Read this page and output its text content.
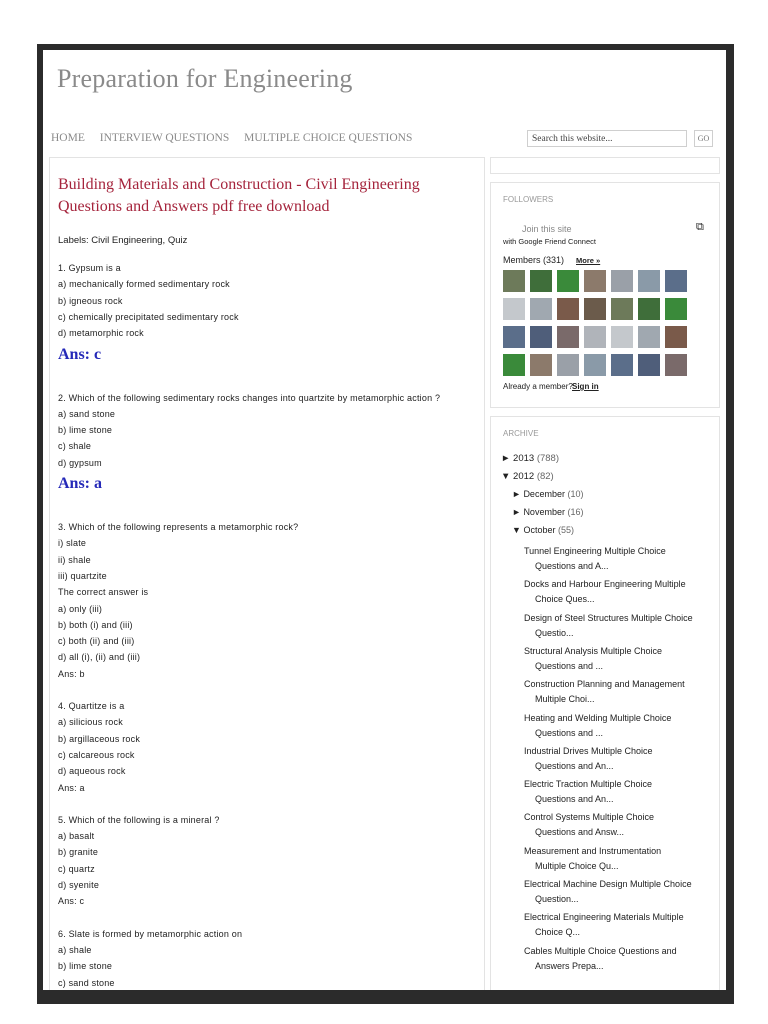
Preparation for Engineering
HOME INTERVIEW QUESTIONS MULTIPLE CHOICE QUESTIONS	Search this website...	GO
Building Materials and Construction - Civil Engineering
Questions and Answers pdf free download
Labels: Civil Engineering, Quiz
1. Gypsum is a
a) mechanically formed sedimentary rock
b) igneous rock
c) chemically precipitated sedimentary rock
d) metamorphic rock
Ans: c
2. Which of the following sedimentary rocks changes into quartzite by metamorphic action ?
a) sand stone
b) lime stone
c) shale
d) gypsum
Ans: a
3. Which of the following represents a metamorphic rock?
i) slate
ii) shale
iii) quartzite
The correct answer is
a) only (iii)
b) both (i) and (iii)
c) both (ii) and (iii)
d) all (i), (ii) and (iii)
Ans: b
4. Quartitze is a
a) silicious rock
b) argillaceous rock
c) calcareous rock
d) aqueous rock
Ans: a
5. Which of the following is a mineral ?
a) basalt
b) granite
c) quartz
d) syenite
Ans: c
6. Slate is formed by metamorphic action on
a) shale
b) lime stone
c) sand stone
FOLLOWERS
Join this site	⧉
with Google Friend Connect
Members (331) More »
Already a member? Sign in
ARCHIVE
► 2013 (788)
▼ 2012 (82)
► December (10)
► November (16)
▼ October (55)
Tunnel Engineering Multiple Choice
Questions and A...
Docks and Harbour Engineering Multiple
Choice Ques...
Design of Steel Structures Multiple Choice
Questio...
Structural Analysis Multiple Choice
Questions and ...
Construction Planning and Management
Multiple Choi...
Heating and Welding Multiple Choice
Questions and ...
Industrial Drives Multiple Choice
Questions and An...
Electric Traction Multiple Choice
Questions and An...
Control Systems Multiple Choice
Questions and Answ...
Measurement and Instrumentation
Multiple Choice Qu...
Electrical Machine Design Multiple Choice
Question...
Electrical Engineering Materials Multiple
Choice Q...
Cables Multiple Choice Questions and
Answers Prepa...
